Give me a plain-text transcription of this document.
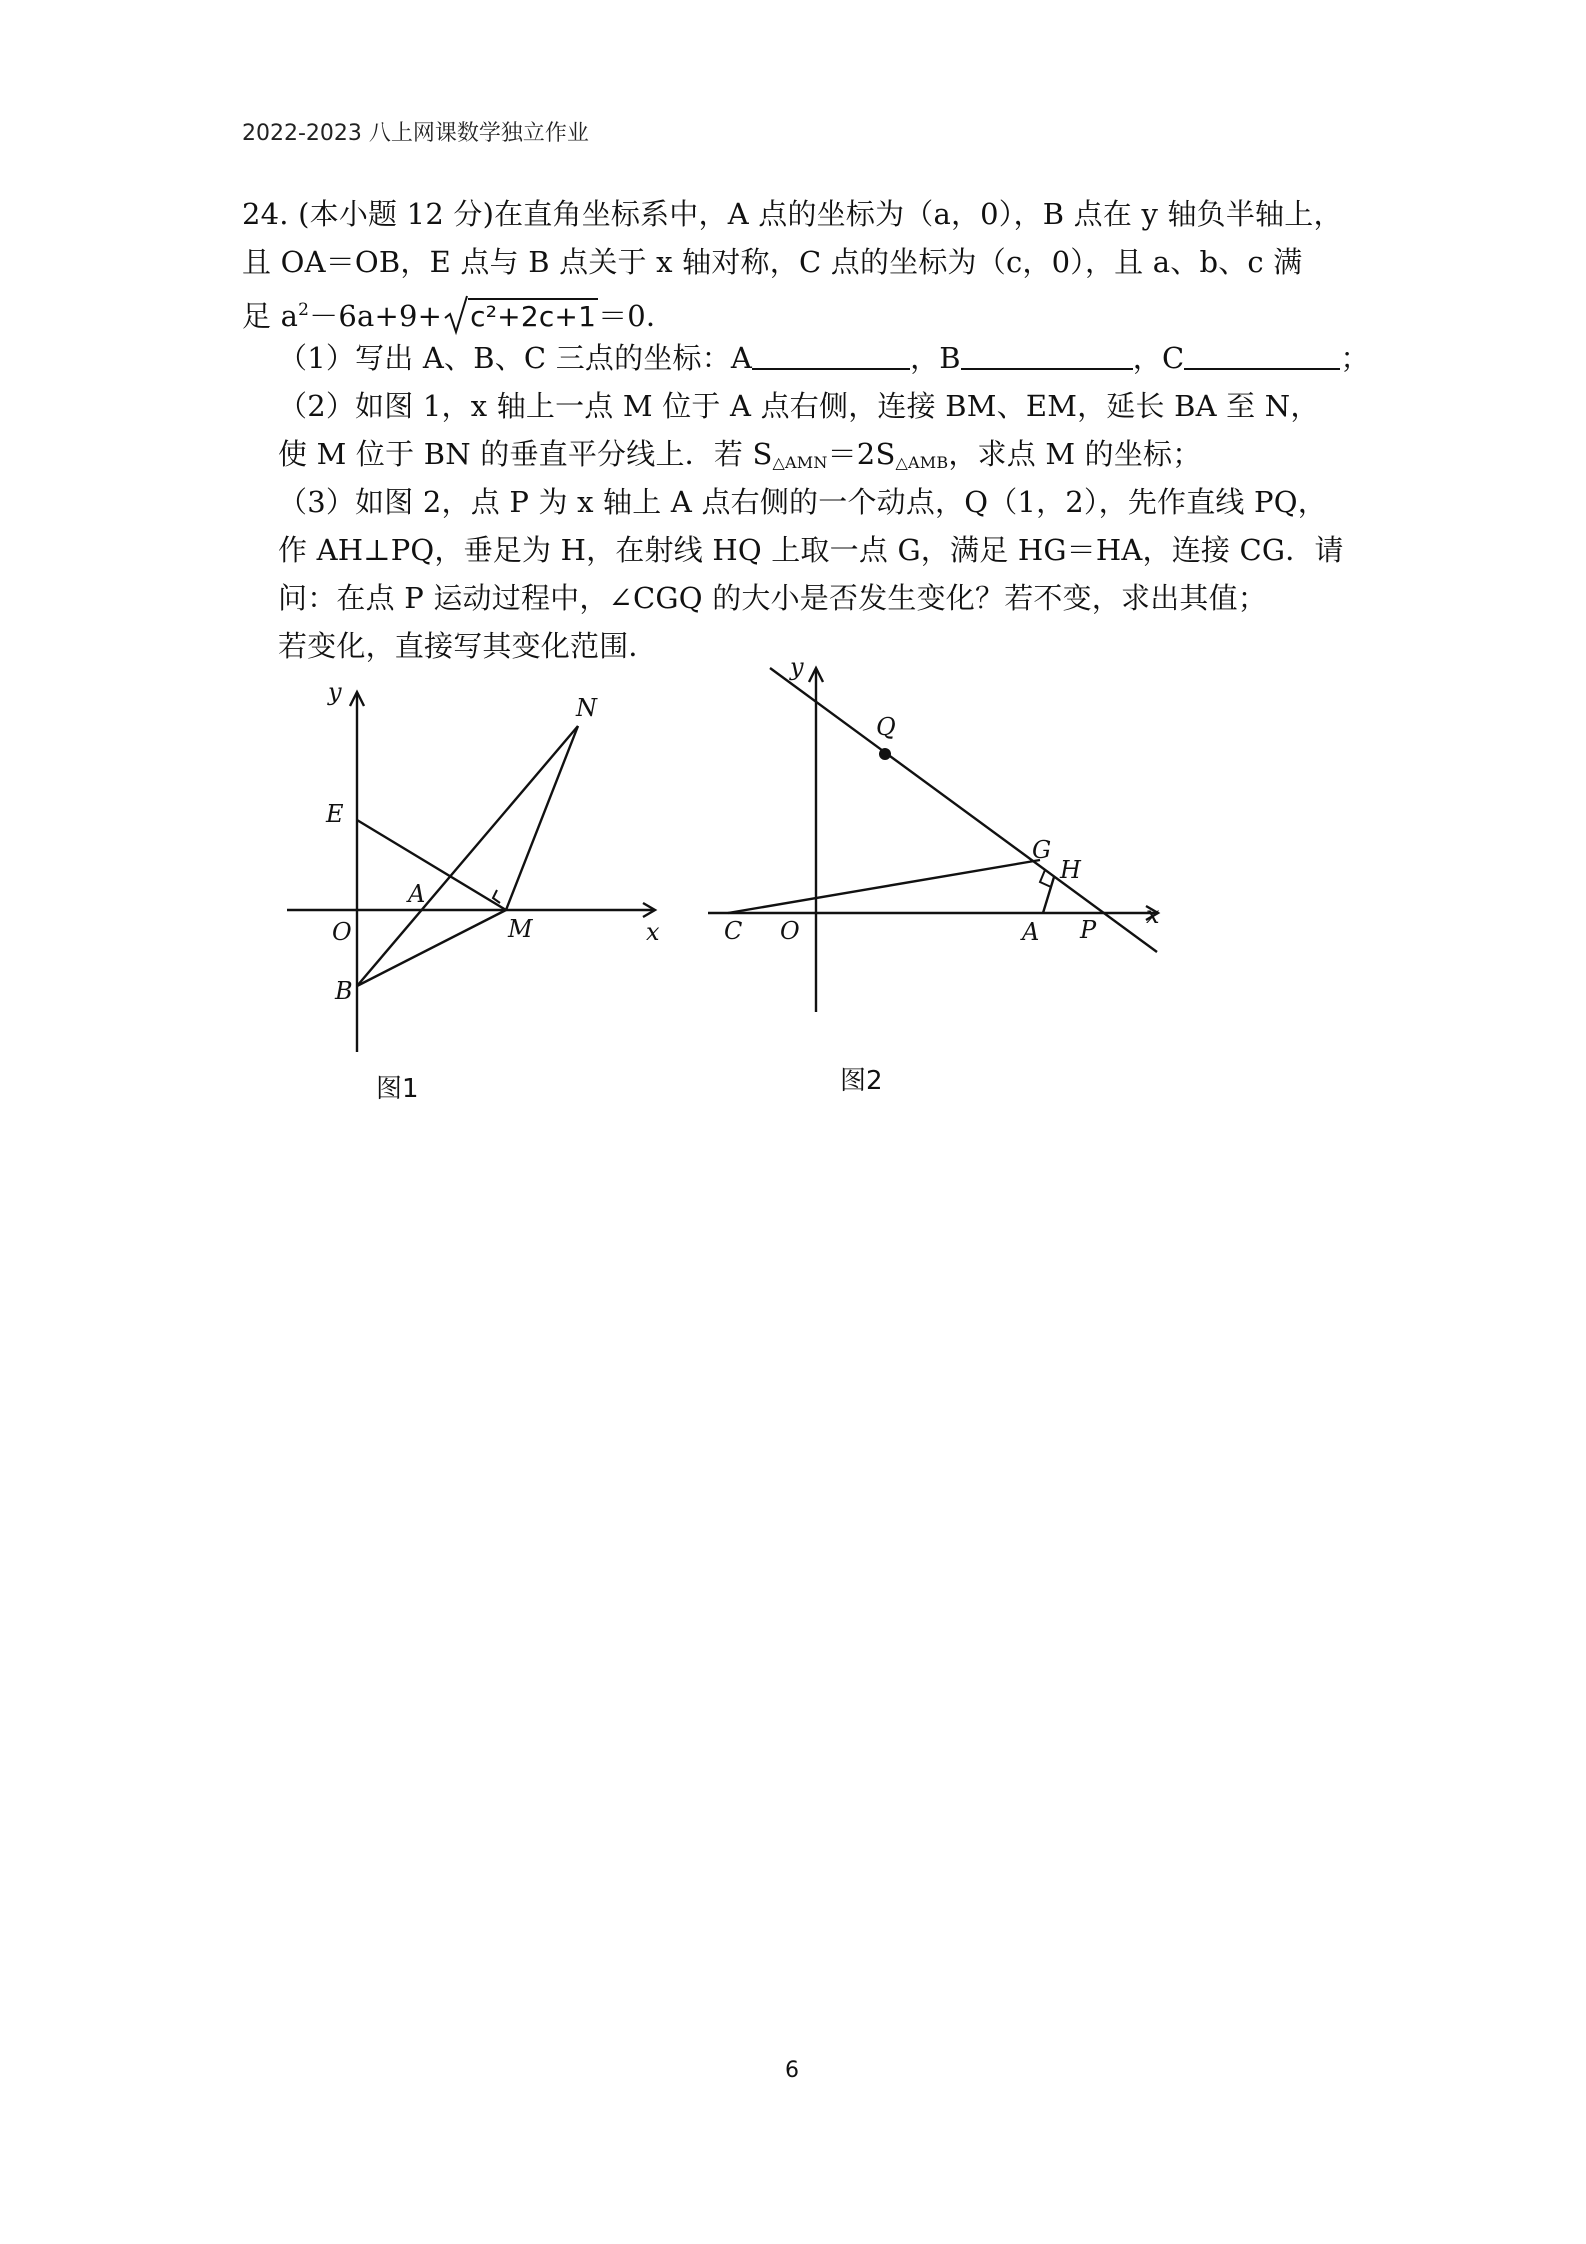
2022-2023 八上网课数学独立作业
24. (本小题 12 分)在直角坐标系中，A 点的坐标为（a，0），B 点在 y 轴负半轴上，
且 OA＝OB，E 点与 B 点关于 x 轴对称，C 点的坐标为（c，0），且 a、b、c 满
足 $a^2-6a+9+ c^2+2c+1=0$．
（1）写出 A、B、C 三点的坐标：A	，B	，C	；
（2）如图 1，x 轴上一点 M 位于 A 点右侧，连接 BM、EM，延长 BA 至 N，
使 M 位于 BN 的垂直平分线上．若 $S_{\triangle AMN}=2S_{\triangle AMB}$，求点 M 的坐标；
（3）如图 2，点 P 为 x 轴上 A 点右侧的一个动点，Q（1，2），先作直线 PQ，
作 AH⊥PQ，垂足为 H，在射线 HQ 上取一点 G，满足 HG＝HA，连接 CG．请
问：在点 P 运动过程中，∠CGQ 的大小是否发生变化？若不变，求出其值；
若变化，直接写其变化范围．
y
E
O
A
M
B
N
x
图1
y
Q
G
H
C O	A P
x
图2
6
